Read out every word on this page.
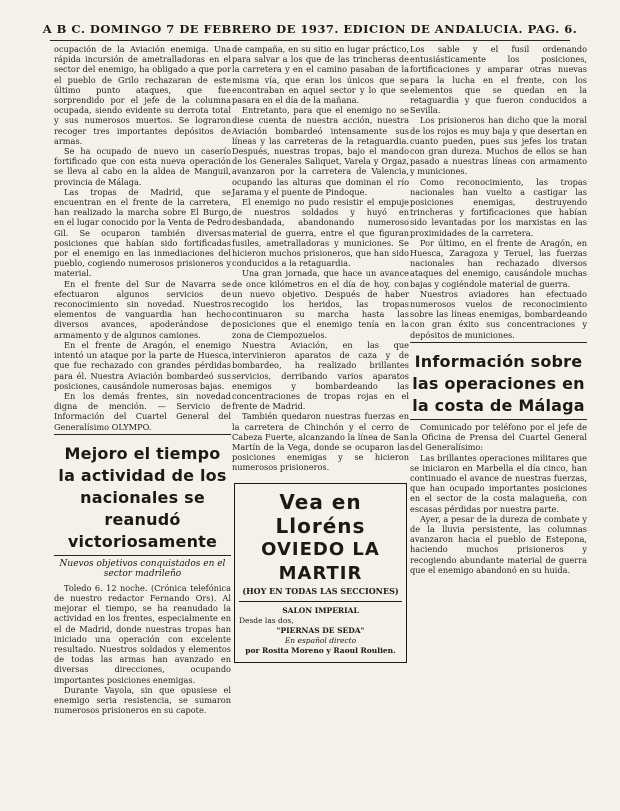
A B C. DOMINGO 7 DE FEBRERO DE 1937. EDICION DE ANDALUCIA. PAG. 6.

ocupación de la Aviación enemiga. Una rápida incursión de ametralladoras en el sector del enemigo, ha obligado a que por el pueblo de Grilo rechazaran de este último punto ataques, que fue sorprendido por el jefe de la columna ocupada, siendo evidente su derrota total y sus numerosos muertos. Se lograron recoger tres importantes depósitos de armas.

Se ha ocupado de nuevo un caserío fortificado que con esta nueva operación se lleva al cabo en la aldea de Manguil, provincia de Málaga.

Las tropas de Madrid, que se encuentran en el frente de la carretera, han realizado la marcha sobre El Burgo, en el lugar conocido por la Venta de Pedro Gil. Se ocuparon también diversas posiciones que habían sido fortificadas por el enemigo en las inmediaciones del pueblo, cogiendo numerosos prisioneros y material.

En el frente del Sur de Navarra se efectuaron algunos servicios de reconocimiento sin novedad. Nuestros elementos de vanguardia han hecho diversos avances, apoderándose de armamento y de algunos camiones.

En el frente de Aragón, el enemigo intentó un ataque por la parte de Huesca, que fue rechazado con grandes pérdidas para él. Nuestra Aviación bombardeó sus posiciones, causándole numerosas bajas.

En los demás frentes, sin novedad digna de mención. — Servicio de Información del Cuartel General del Generalísimo OLYMPO.

Mejoro el tiempo la actividad de los nacionales se reanudó victoriosamente
Nuevos objetivos conquistados en el sector madrileño

Toledo 6. 12 noche. (Crónica telefónica de nuestro redactor Fernando Ors). Al mejorar el tiempo, se ha reanudado la actividad en los frentes, especialmente en el de Madrid, donde nuestras tropas han iniciado una operación con excelente resultado. Nuestros soldados y elementos de todas las armas han avanzado en diversas direcciones, ocupando importantes posiciones enemigas.

Durante Vayola, sin que opusiese el enemigo seria resistencia, se sumaron numerosos prisioneros en su capote.

de campaña, en su sitio en lugar práctico, para salvar a los que de las trincheras de la carretera y en el camino pasaban de la misma vía, que eran los únicos que se encontraban en aquel sector y lo que se pasara en el día de la mañana.

Entretanto, para que el enemigo no se diese cuenta de nuestra acción, nuestra Aviación bombardeó intensamente sus líneas y las carreteras de la retaguardia. Después, nuestras tropas, bajo el mando de los Generales Saliquet, Varela y Orgaz, avanzaron por la carretera de Valencia, ocupando las alturas que dominan el río Jarama y el puente de Pindoque.

El enemigo no pudo resistir el empuje de nuestros soldados y huyó en desbandada, abandonando numeroso material de guerra, entre el que figuran fusiles, ametralladoras y municiones. Se hicieron muchos prisioneros, que han sido conducidos a la retaguardia.

Una gran jornada, que hace un avance de once kilómetros en el día de hoy, con un nuevo objetivo. Después de haber recogido los heridos, las tropas continuaron su marcha hasta las posiciones que el enemigo tenía en la zona de Ciempozuelos.

Nuestra Aviación, en las que intervinieron aparatos de caza y de bombardeo, ha realizado brillantes servicios, derribando varios aparatos enemigos y bombardeando las concentraciones de tropas rojas en el frente de Madrid.

También quedaron nuestras fuerzas en la carretera de Chinchón y el cerro de Cabeza Fuerte, alcanzando la línea de San Martín de la Vega, donde se ocuparon las posiciones enemigas y se hicieron numerosos prisioneros.

Vea en Lloréns
OVIEDO LA MARTIR
(HOY EN TODAS LAS SECCIONES)
SALON IMPERIAL
Desde las dos,
"PIERNAS DE SEDA"
En español directo
por Rosita Moreno y Raoul Roulien.

Los sable y el fusil ordenando entusiásticamente los posiciones, fortificaciones y amparar otras nuevas para la lucha en el frente, con los elementos que se quedan en la retaguardia y que fueron conducidos a Sevilla.

Los prisioneros han dicho que la moral de los rojos es muy baja y que desertan en cuanto pueden, pues sus jefes los tratan con gran dureza. Muchos de ellos se han pasado a nuestras líneas con armamento y municiones.

Como reconocimiento, las tropas nacionales han vuelto a castigar las posiciones enemigas, destruyendo trincheras y fortificaciones que habían sido levantadas por los marxistas en las proximidades de la carretera.

Por último, en el frente de Aragón, en Huesca, Zaragoza y Teruel, las fuerzas nacionales han rechazado diversos ataques del enemigo, causándole muchas bajas y cogiéndole material de guerra.

Nuestros aviadores han efectuado numerosos vuelos de reconocimiento sobre las líneas enemigas, bombardeando con gran éxito sus concentraciones y depósitos de municiones.

Información sobre las operaciones en la costa de Málaga

Comunicado por teléfono por el jefe de la Oficina de Prensa del Cuartel General del Generalísimo:

Las brillantes operaciones militares que se iniciaron en Marbella el día cinco, han continuado el avance de nuestras fuerzas, que han ocupado importantes posiciones en el sector de la costa malagueña, con escasas pérdidas por nuestra parte.

Ayer, a pesar de la dureza de combate y de la lluvia persistente, las columnas avanzaron hacia el pueblo de Estepona, haciendo muchos prisioneros y recogiendo abundante material de guerra que el enemigo abandonó en su huida.
